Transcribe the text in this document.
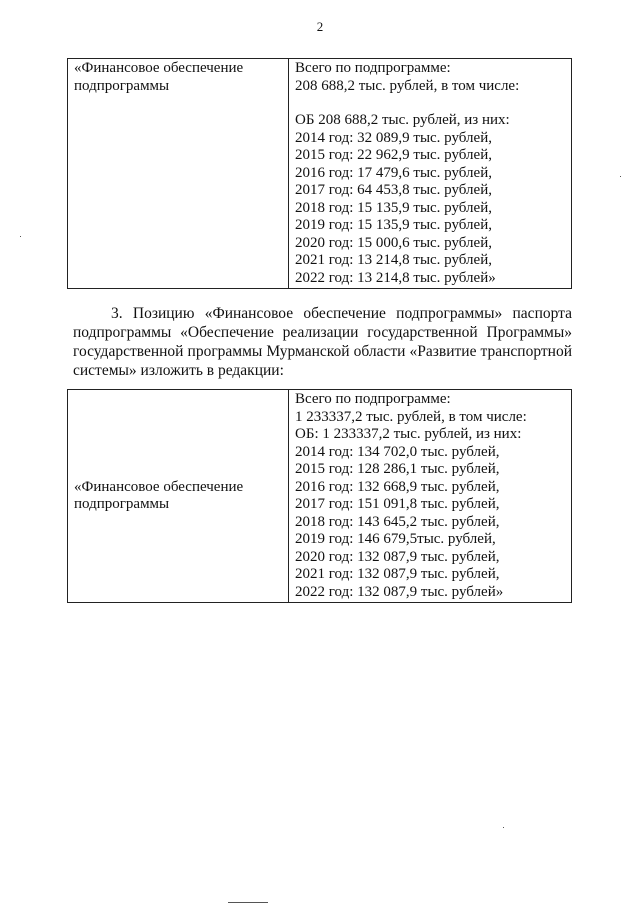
2
«Финансовое обеспечение подпрограммы	
Всего по подпрограмме:
208 688,2 тыс. рублей, в том числе:
ОБ 208 688,2 тыс. рублей, из них:
2014 год: 32 089,9 тыс. рублей,
2015 год: 22 962,9 тыс. рублей,
2016 год: 17 479,6 тыс. рублей,
2017 год: 64 453,8 тыс. рублей,
2018 год: 15 135,9 тыс. рублей,
2019 год: 15 135,9 тыс. рублей,
2020 год: 15 000,6 тыс. рублей,
2021 год: 13 214,8 тыс. рублей,
2022 год: 13 214,8 тыс. рублей»
3. Позицию «Финансовое обеспечение подпрограммы» паспорта
подпрограммы «Обеспечение реализации государственной Программы»
государственной программы Мурманской области «Развитие транспортной
системы» изложить в редакции:
«Финансовое обеспечение подпрограммы	
Всего по подпрограмме:
1 233337,2 тыс. рублей, в том числе:
ОБ: 1 233337,2 тыс. рублей, из них:
2014 год: 134 702,0 тыс. рублей,
2015 год: 128 286,1 тыс. рублей,
2016 год: 132 668,9 тыс. рублей,
2017 год: 151 091,8 тыс. рублей,
2018 год: 143 645,2 тыс. рублей,
2019 год: 146 679,5тыс. рублей,
2020 год: 132 087,9 тыс. рублей,
2021 год: 132 087,9 тыс. рублей,
2022 год: 132 087,9 тыс. рублей»
